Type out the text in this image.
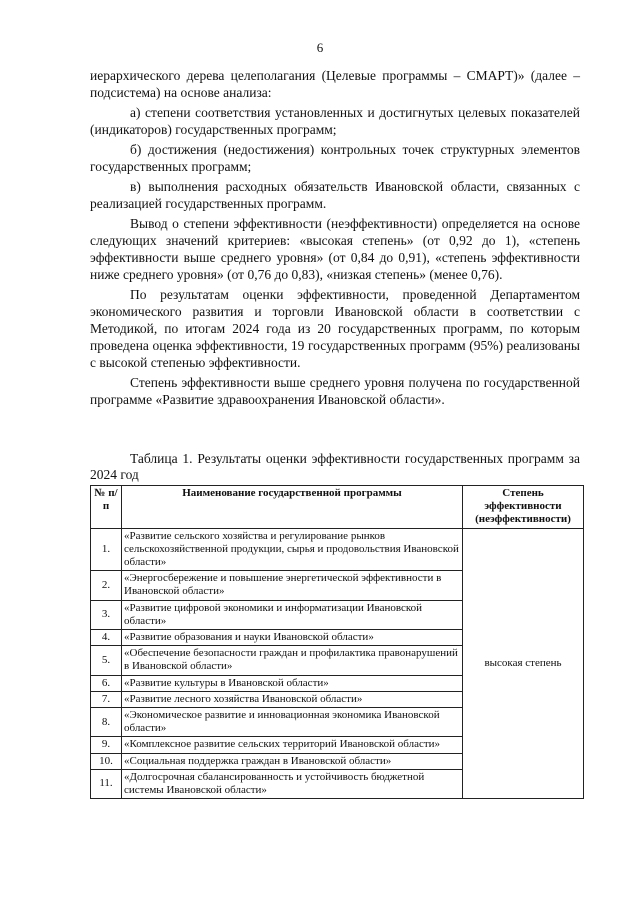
6

иерархического дерева целеполагания (Целевые программы – СМАРТ)» (далее – подсистема) на основе анализа:

а) степени соответствия установленных и достигнутых целевых показателей (индикаторов) государственных программ;

б) достижения (недостижения) контрольных точек структурных элементов государственных программ;

в) выполнения расходных обязательств Ивановской области, связанных с реализацией государственных программ.

Вывод о степени эффективности (неэффективности) определяется на основе следующих значений критериев: «высокая степень» (от 0,92 до 1), «степень эффективности выше среднего уровня» (от 0,84 до 0,91), «степень эффективности ниже среднего уровня» (от 0,76 до 0,83), «низкая степень» (менее 0,76).

По результатам оценки эффективности, проведенной Департаментом экономического развития и торговли Ивановской области в соответствии с Методикой, по итогам 2024 года из 20 государственных программ, по которым проведена оценка эффективности, 19 государственных программ (95%) реализованы с высокой степенью эффективности.

Степень эффективности выше среднего уровня получена по государственной программе «Развитие здравоохранения Ивановской области».

Таблица 1. Результаты оценки эффективности государственных программ за 2024 год
№ п/п	Наименование государственной программы	Степень эффективности (неэффективности)
1.	«Развитие сельского хозяйства и регулирование рынков сельскохозяйственной продукции, сырья и продовольствия Ивановской области»	высокая степень
2.	«Энергосбережение и повышение энергетической эффективности в Ивановской области»	
3.	«Развитие цифровой экономики и информатизации Ивановской области»	
4.	«Развитие образования и науки Ивановской области»	
5.	«Обеспечение безопасности граждан и профилактика правонарушений в Ивановской области»	
6.	«Развитие культуры в Ивановской области»	
7.	«Развитие лесного хозяйства Ивановской области»	
8.	«Экономическое развитие и инновационная экономика Ивановской области»	
9.	«Комплексное развитие сельских территорий Ивановской области»	
10.	«Социальная поддержка граждан в Ивановской области»	
11.	«Долгосрочная сбалансированность и устойчивость бюджетной системы Ивановской области»	
